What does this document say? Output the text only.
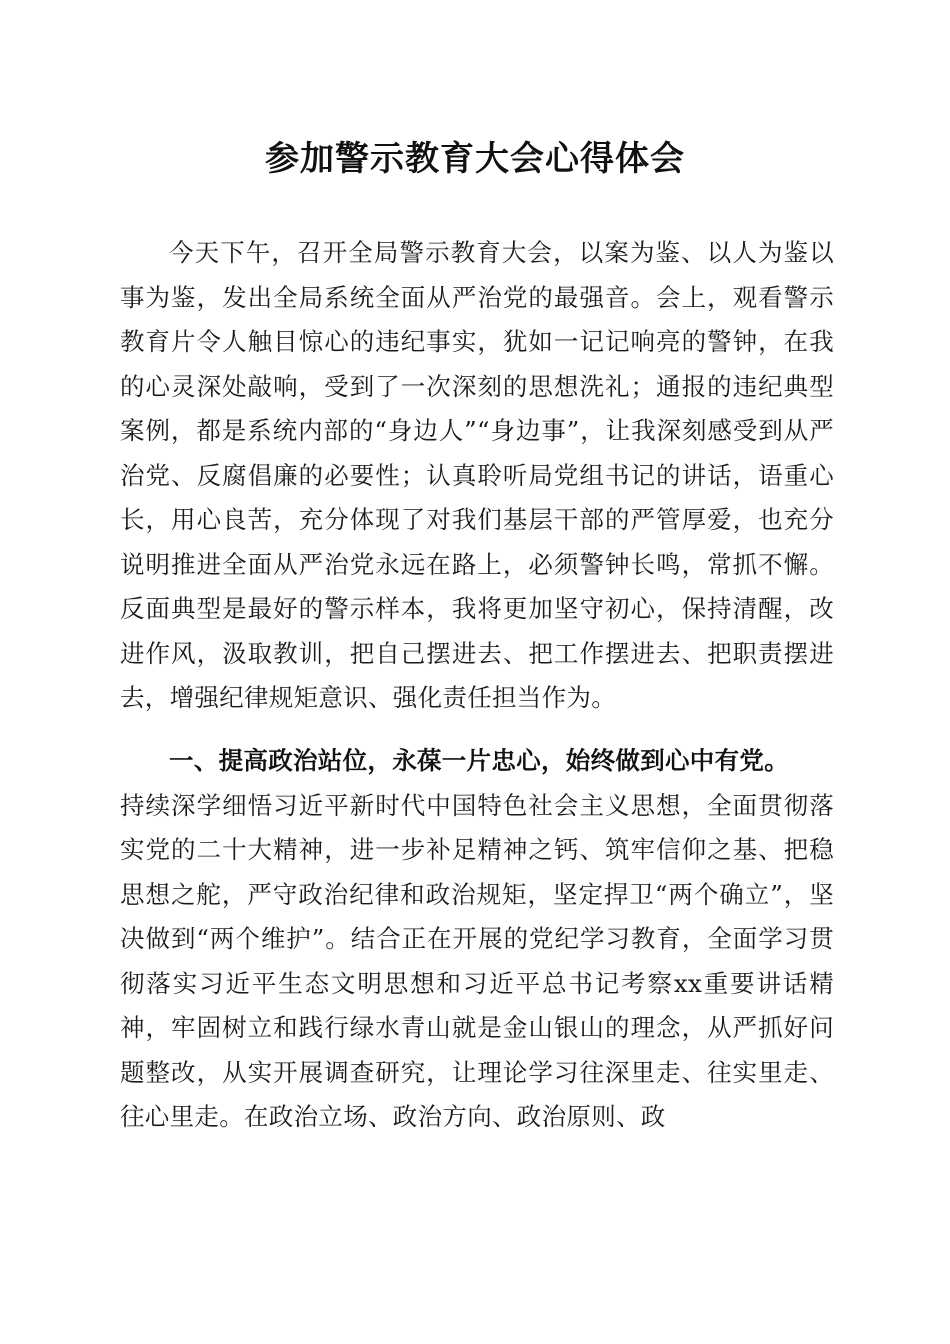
参加警示教育大会心得体会

今天下午，召开全局警示教育大会，以案为鉴、以人为鉴以事为鉴，发出全局系统全面从严治党的最强音。会上，观看警示教育片令人触目惊心的违纪事实，犹如一记记响亮的警钟，在我的心灵深处敲响，受到了一次深刻的思想洗礼；通报的违纪典型案例，都是系统内部的“身边人”“身边事”，让我深刻感受到从严治党、反腐倡廉的必要性；认真聆听局党组书记的讲话，语重心长，用心良苦，充分体现了对我们基层干部的严管厚爱，也充分说明推进全面从严治党永远在路上，必须警钟长鸣，常抓不懈。反面典型是最好的警示样本，我将更加坚守初心，保持清醒，改进作风，汲取教训，把自己摆进去、把工作摆进去、把职责摆进去，增强纪律规矩意识、强化责任担当作为。

一、提高政治站位，永葆一片忠心，始终做到心中有党。
持续深学细悟习近平新时代中国特色社会主义思想，全面贯彻落实党的二十大精神，进一步补足精神之钙、筑牢信仰之基、把稳思想之舵，严守政治纪律和政治规矩，坚定捍卫“两个确立”，坚决做到“两个维护”。结合正在开展的党纪学习教育，全面学习贯彻落实习近平生态文明思想和习近平总书记考察xx重要讲话精神，牢固树立和践行绿水青山就是金山银山的理念，从严抓好问题整改，从实开展调查研究，让理论学习往深里走、往实里走、往心里走。在政治立场、政治方向、政治原则、政
